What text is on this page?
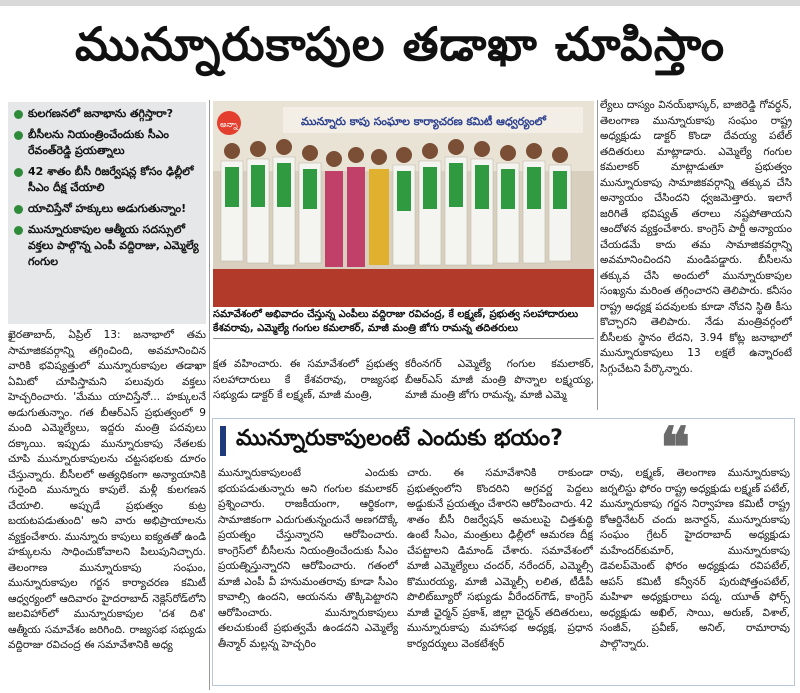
మున్నూరుకాపుల తడాఖా చూపిస్తాం
కులగణనలో జనాభాను తగ్గిస్తారా?
బీసీలను నియంత్రించేందుకు సీఎం రేవంత్‌రెడ్డి ప్రయత్నాలు
42 శాతం బీసీ రిజర్వేషన్ల కోసం ఢిల్లీలో సీఎం దీక్ష చేయాలి
యాచిస్తేనో హక్కులు అడుగుతున్నాం!
మున్నూరుకాపుల ఆత్మీయ సదస్సులో వక్తలు పాల్గొన్న ఎంపీ వద్దిరాజు, ఎమ్మెల్యే గంగుల
మున్నూరు కాపు సంఘాల కార్యాచరణ కమిటీ ఆధ్వర్యంలో
అన్నా
సమావేశంలో అభివాదం చేస్తున్న ఎంపీలు వద్దిరాజు రవిచంద్ర, కే లక్ష్మణ్, ప్రభుత్వ సలహాదారులు కేశవరావు, ఎమ్మెల్యే గంగుల కమలాకర్, మాజీ మంత్రి జోగు రామన్న తదితరులు

ఖైరతాబాద్, ఏప్రిల్ 13: జనాభాలో తమ సామాజికవర్గాన్ని తగ్గించింది, అవమానించిన వారికి భవిష్యత్తులో మున్నూరుకాపుల తడాఖా ఏమిటో చూపిస్తామని పలువురు వక్తలు హెచ్చరించారు. 'మేము యాచిస్తేనో... హక్కులనే అడుగుతున్నాం. గత బీఆర్ఎస్ ప్రభుత్వంలో 9 మంది ఎమ్మెల్యేలు, ఇద్దరు మంత్రి పదవులు దక్కాయి. ఇప్పుడు మున్నూరుకాపు నేతలకు చూపి మున్నూరుకాపులను చట్టసభలకు దూరం చేస్తున్నారు. బీసీలలో అత్యధికంగా అన్యాయానికి గురైంది మున్నూరు కాపులే. మళ్లీ కులగణన చేయాలి. అప్పుడే ప్రభుత్వం కుట్ర బయటపడుతుంది' అని వారు అభిప్రాయాలను వ్యక్తంచేశారు. మున్నూరు కాపులు ఐక్యతతో ఉండి హక్కులను సాధించుకోవాలని పిలుపునిచ్చారు. తెలంగాణ మున్నూరుకాపు సంఘం, మున్నూరుకాపుల గర్జన కార్యాచరణ కమిటీ ఆధ్వర్యంలో ఆదివారం హైదరాబాద్ నెక్లెస్‌రోడ్‌లోని జలవిహార్‌లో మున్నూరుకాపుల 'దశ దిశ' ఆత్మీయ సమావేశం జరిగింది. రాజ్యసభ సభ్యుడు వద్దిరాజు రవిచంద్ర ఈ సమావేశానికి అధ్య

క్షత వహించారు. ఈ సమావేశంలో ప్రభుత్వ సలహాదారులు కే కేశవరావు, రాజ్యసభ సభ్యుడు డాక్టర్ కే లక్ష్మణ్, మాజీ మంత్రి,

కరీంనగర్ ఎమ్మెల్యే గంగుల కమలాకర్, బీఆర్ఎస్ మాజీ మంత్రి పొన్నాల లక్ష్మయ్య, మాజీ మంత్రి జోగు రామన్న, మాజీ ఎమ్మె

ల్యేలు దాస్యం వినయ్‌భాస్కర్, బాజిరెడ్డి గోవర్ధన్, తెలంగాణ మున్నూరుకాపు సంఘం రాష్ట్ర అధ్యక్షుడు డాక్టర్ కొండా దేవయ్య పటేల్ తదితరులు మాట్లాడారు. ఎమ్మెల్యే గంగుల కమలాకర్ మాట్లాడుతూ ప్రభుత్వం మున్నూరుకాపు సామాజికవర్గాన్ని తక్కువ చేసి అన్యాయం చేసిందని ధ్వజమెత్తారు. ఇలాగే జరిగితే భవిష్యత్ తరాలు నష్టపోతాయని ఆందోళన వ్యక్తంచేశారు. కాంగ్రెస్ పార్టీ అన్యాయం చేయడమే కాదు తమ సామాజికవర్గాన్ని అవమానించిందని మండిపడ్డారు. బీసీలను తక్కువ చేసి అందులో మున్నూరుకాపుల సంఖ్యను మరింత తగ్గించారని తెలిపారు. కనీసం రాష్ట్ర అధ్యక్ష పదవులకు కూడా నోచని స్థితి కీసు కొచ్చారని తెలిపారు. నేడు మంత్రివర్గంలో బీసీలకు స్థానం లేదని, 3.94 కోట్ల జనాభాలో మున్నూరుకాపులు 13 లక్షలే ఉన్నారంటే సిగ్గుచేటని పేర్కొన్నారు.

మున్నూరుకాపులంటే ఎందుకు భయం? ❝

మున్నూరుకాపులంటే ఎందుకు భయపడుతున్నారు అని గంగుల కమలాకర్ ప్రశ్నించారు. రాజకీయంగా, ఆర్థికంగా, సామాజికంగా ఎదుగుతున్నందునే అణగదొక్కే ప్రయత్నం చేస్తున్నారని ఆరోపించారు. కాంగ్రెస్‌లో బీసీలను నియంత్రించేందుకు సీఎం ప్రయత్నిస్తున్నారని ఆరోపించారు. గతంలో మాజీ ఎంపీ వీ హనుమంతరావు కూడా సీఎం కావాల్సి ఉందని, ఆయనను తొక్కిపెట్టారని ఆరోపించారు. మున్నూరుకాపులు తలచుకుంటే ప్రభుత్వమే ఉండదని ఎమ్మెల్యే తీన్మార్ మల్లన్న హెచ్చరిం

చారు. ఈ సమావేశానికి రాకుండా ప్రభుత్వంలోని కొందరిని అగ్రవర్ణ పెద్దలు అడ్డుకునే ప్రయత్నం చేశారని ఆరోపించారు. 42 శాతం బీసీ రిజర్వేషన్ అమలుపై చిత్తశుద్ధి ఉంటే సీఎం, మంత్రులు ఢిల్లీలో ఆమరణ దీక్ష చేపట్టాలని డిమాండ్ చేశారు. సమావేశంలో మాజీ ఎమ్మెల్యేలు చందర్, నరేందర్, ఎమ్మెల్సీ కొమురయ్య, మాజీ ఎమ్మెల్సీ లలిత, టీడీపీ పొలిట్‌బ్యూరో సభ్యుడు వీరేందర్‌గౌడ్, కాంగ్రెస్ మాజీ ఛైర్మన్ ప్రకాశ్, జిల్లా చైర్మన్ తదితరులు, మున్నూరుకాపు మహాసభ అధ్యక్ష, ప్రధాన కార్యదర్శులు వెంకటేశ్వర్

రావు, లక్ష్మణ్, తెలంగాణ మున్నూరుకాపు జర్నలిస్టు ఫోరం రాష్ట్ర అధ్యక్షుడు లక్ష్మణ్ పటేల్, మున్నూరుకాపు గర్జన నిర్వాహణ కమిటీ రాష్ట్ర కోఆర్డినేటర్ చందు జనార్దన్, మున్నూరుకాపు సంఘం గ్రేటర్ హైదరాబాద్ అధ్యక్షుడు మహేందర్‌కుమార్, మున్నూరుకాపు డెవలప్‌మెంట్ ఫోరం అధ్యక్షుడు రవిపటేల్, ఆపస్ కమిటీ కన్వీనర్ పురుషోత్తంపటేల్, మహిళా అధ్యక్షురాలు పద్మ, యూత్ ఫోర్స్ అధ్యక్షుడు అఖిల్, సాయి, అరుణ్, విశాల్, సంజీవ్, ప్రవీణ్, అనిల్, రామారావు పాల్గొన్నారు.
